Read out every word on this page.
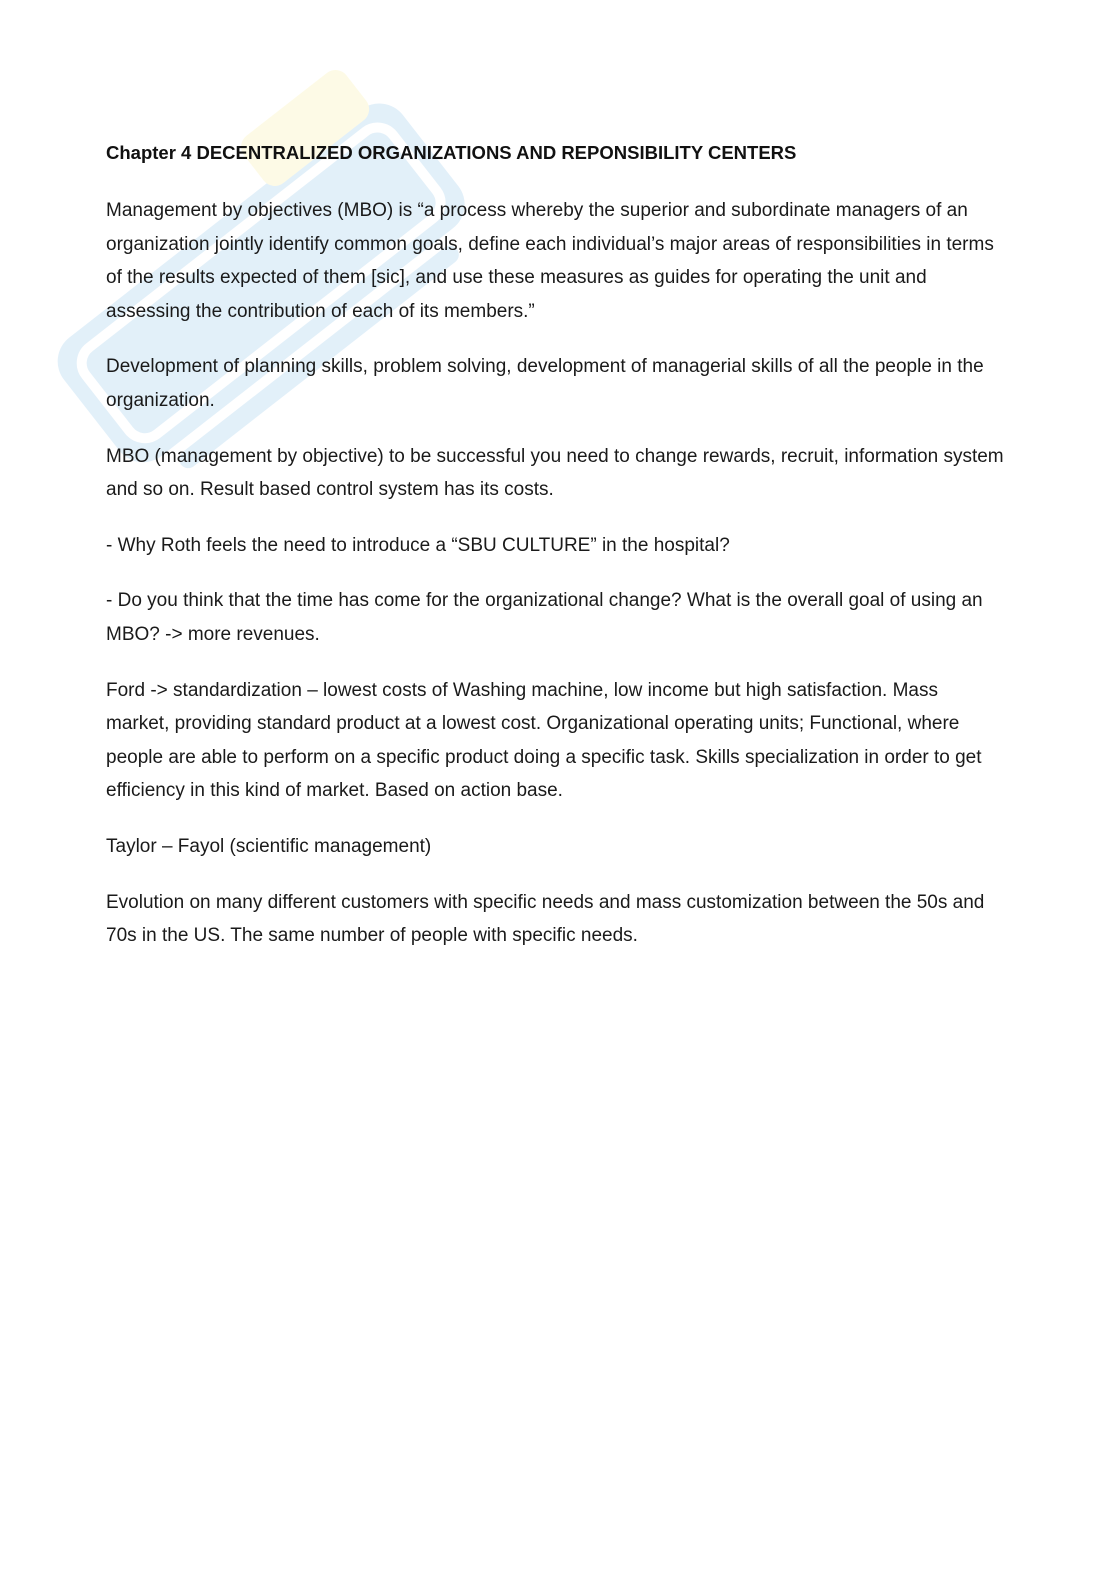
Chapter 4 DECENTRALIZED ORGANIZATIONS AND REPONSIBILITY CENTERS

Management by objectives (MBO) is “a process whereby the superior and subordinate managers of an organization jointly identify common goals, define each individual’s major areas of responsibilities in terms of the results expected of them [sic], and use these measures as guides for operating the unit and assessing the contribution of each of its members.”

Development of planning skills, problem solving, development of managerial skills of all the people in the organization.

MBO (management by objective) to be successful you need to change rewards, recruit, information system and so on. Result based control system has its costs.

- Why Roth feels the need to introduce a “SBU CULTURE” in the hospital?

- Do you think that the time has come for the organizational change? What is the overall goal of using an MBO? -> more revenues.

Ford -> standardization – lowest costs of Washing machine, low income but high satisfaction. Mass market, providing standard product at a lowest cost. Organizational operating units; Functional, where people are able to perform on a specific product doing a specific task. Skills specialization in order to get efficiency in this kind of market. Based on action base.

Taylor – Fayol (scientific management)

Evolution on many different customers with specific needs and mass customization between the 50s and 70s in the US. The same number of people with specific needs.
